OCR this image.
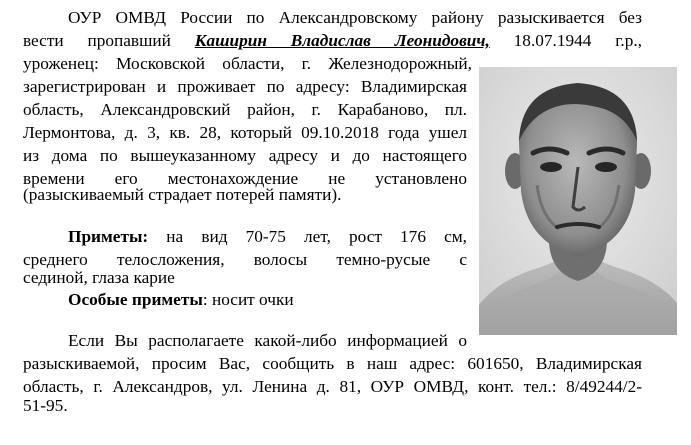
ОУР ОМВД России по Александровскому району разыскивается без
вести пропавший Каширин Владислав Леонидович, 18.07.1944 г.р.,
уроженец: Московской области, г. Железнодорожный,
зарегистрирован и проживает по адресу: Владимирская
область, Александровский район, г. Карабаново, пл.
Лермонтова, д. 3, кв. 28, который 09.10.2018 года ушел
из дома по вышеуказанному адресу и до настоящего
времени его местонахождение не установлено
(разыскиваемый страдает потерей памяти).
Приметы: на вид 70-75 лет, рост 176 см,
среднего телосложения, волосы темно-русые с
сединой, глаза карие
Особые приметы: носит очки
Если Вы располагаете какой-либо информацией о
разыскиваемой, просим Вас, сообщить в наш адрес: 601650, Владимирская
область, г. Александров, ул. Ленина д. 81, ОУР ОМВД, конт. тел.: 8/49244/2-
51-95.
